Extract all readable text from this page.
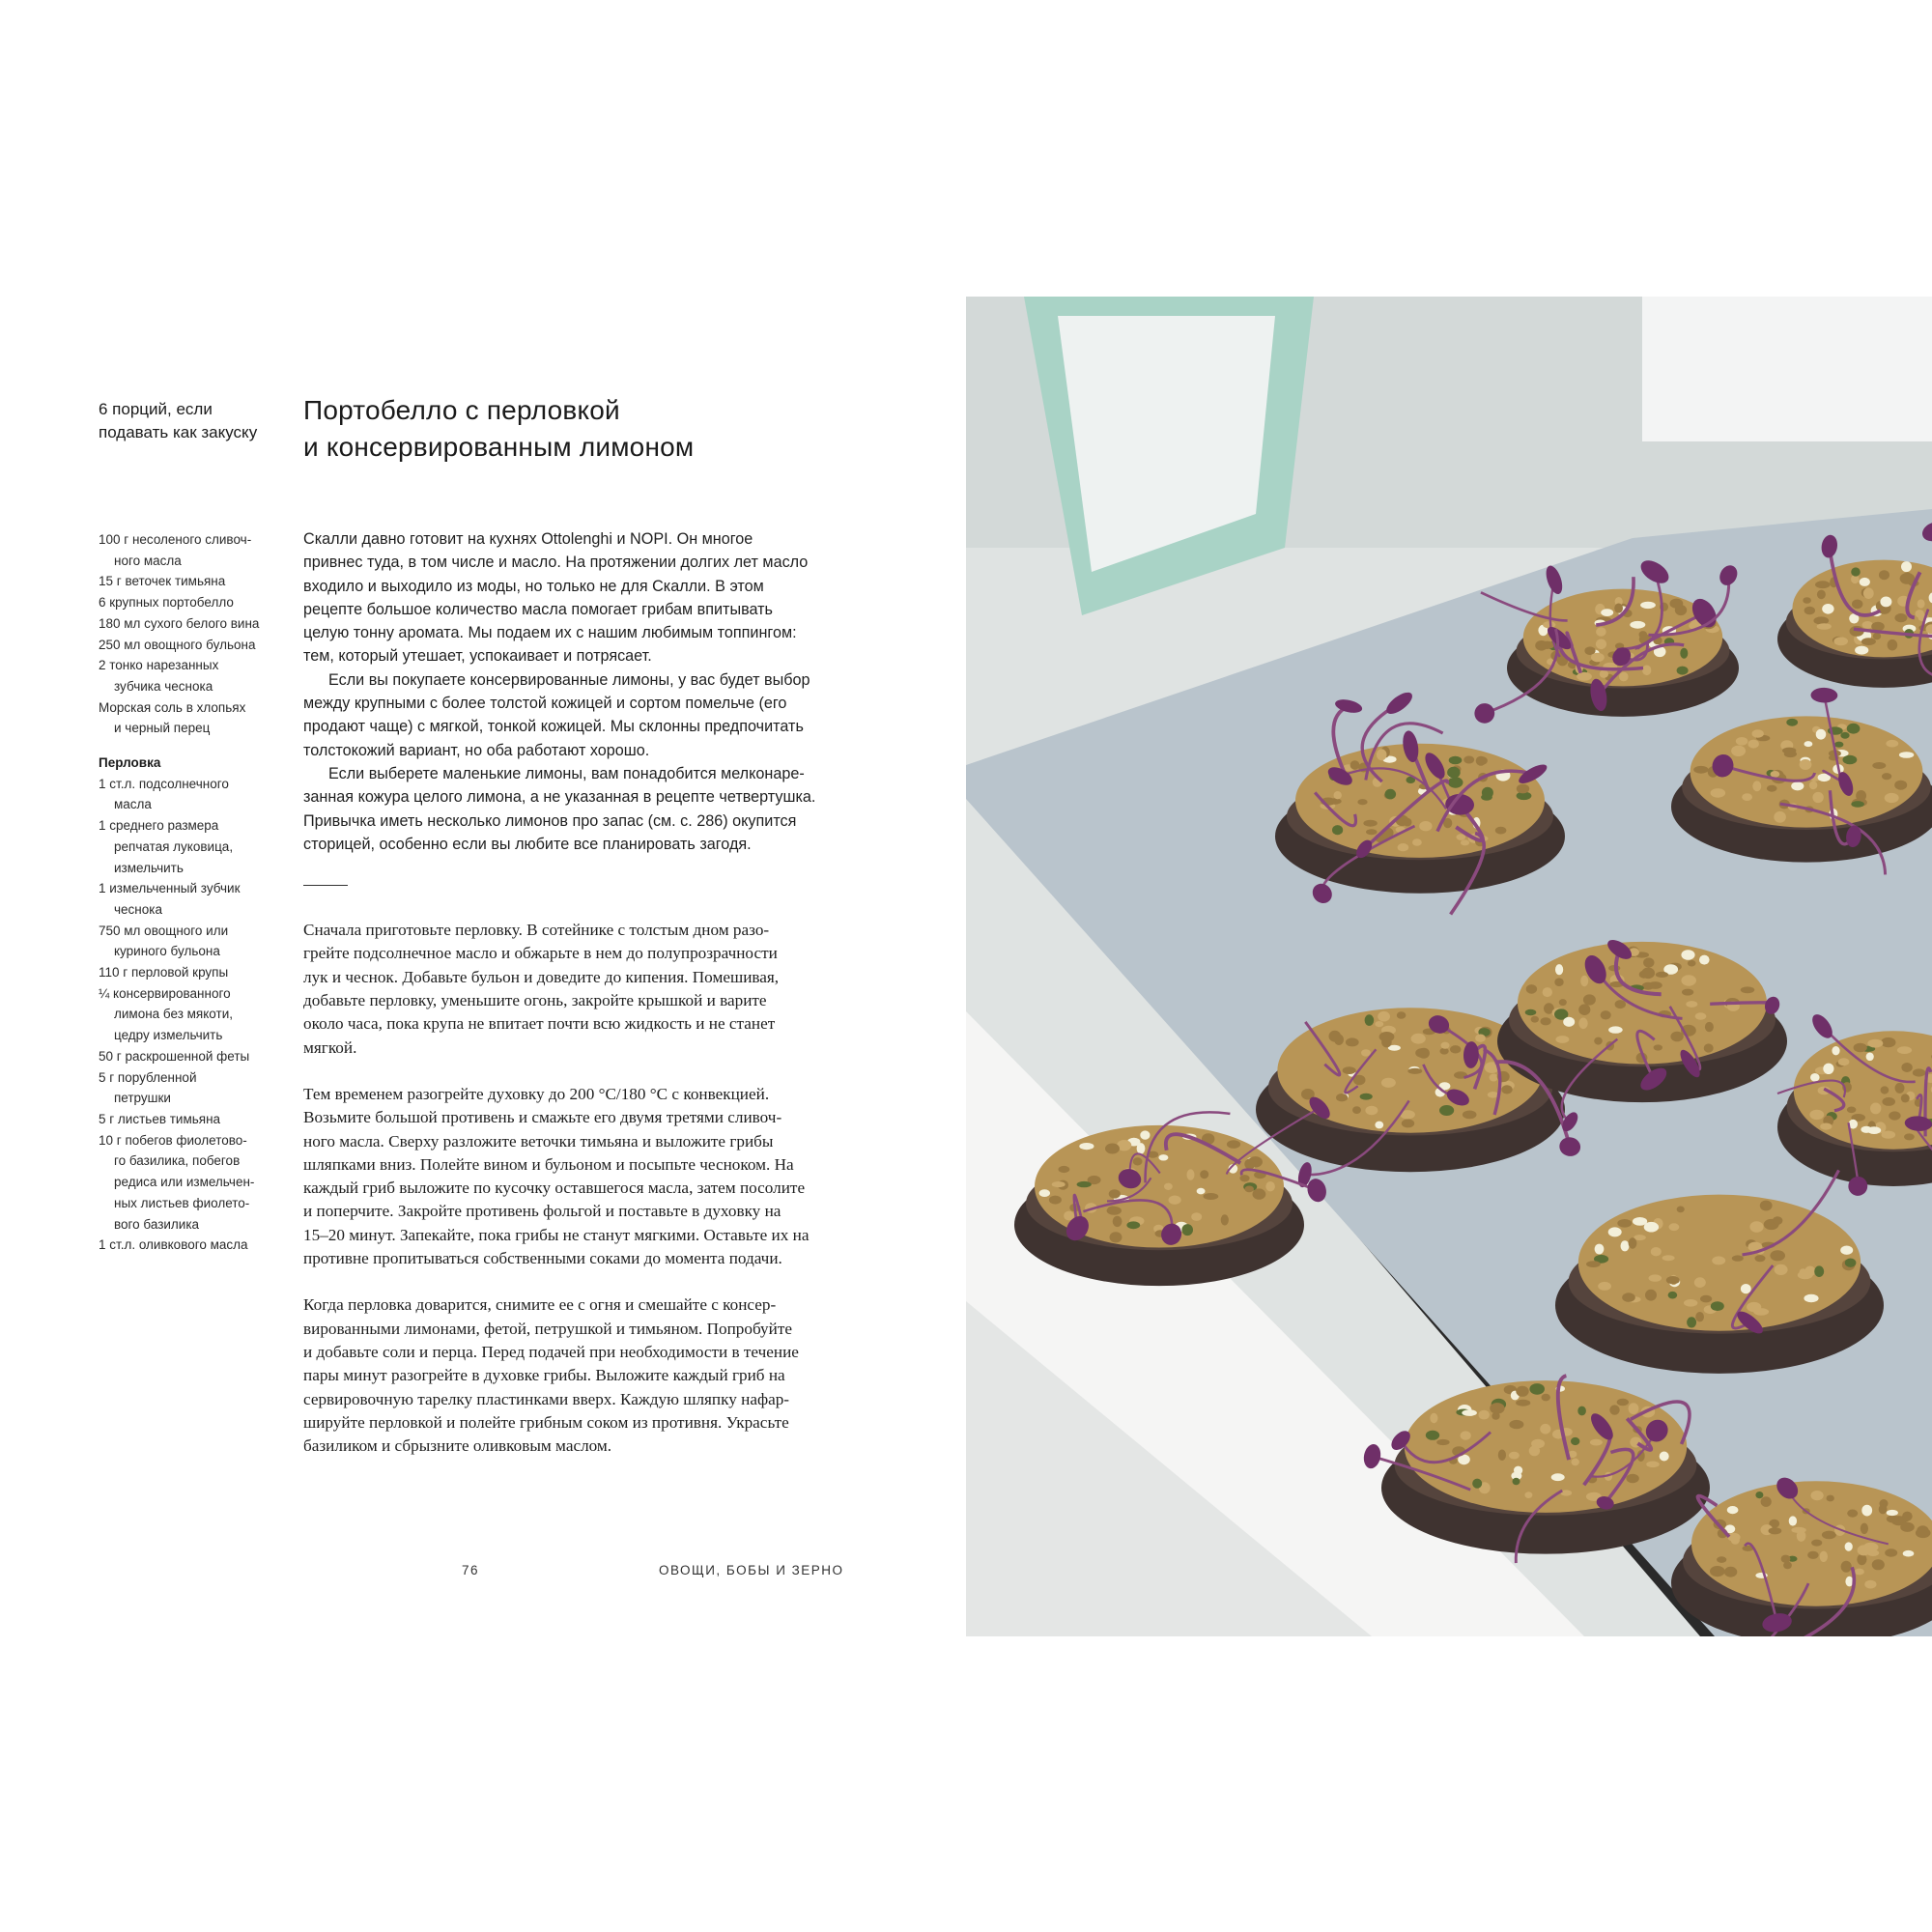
6 порций, если
подавать как закуску
Портобелло с перловкой
и консервированным лимоном

100 г несоленого сливоч-
ного масла

15 г веточек тимьяна

6 крупных портобелло

180 мл сухого белого вина

250 мл овощного бульона

2 тонко нарезанных
зубчика чеснока

Морская соль в хлопьях
и черный перец

Перловка

1 ст.л. подсолнечного
масла

1 среднего размера
репчатая луковица,
измельчить

1 измельченный зубчик
чеснока

750 мл овощного или
куриного бульона

110 г перловой крупы

¼ консервированного
лимона без мякоти,
цедру измельчить

50 г раскрошенной феты

5 г порубленной
петрушки

5 г листьев тимьяна

10 г побегов фиолетово-
го базилика, побегов
редиса или измельчен-
ных листьев фиолето-
вого базилика

1 ст.л. оливкового масла

Скалли давно готовит на кухнях Ottolenghi и NOPI. Он многое
привнес туда, в том числе и масло. На протяжении долгих лет масло
входило и выходило из моды, но только не для Скалли. В этом
рецепте большое количество масла помогает грибам впитывать
целую тонну аромата. Мы подаем их с нашим любимым топпингом:
тем, который утешает, успокаивает и потрясает.

Если вы покупаете консервированные лимоны, у вас будет выбор
между крупными с более толстой кожицей и сортом помельче (его
продают чаще) с мягкой, тонкой кожицей. Мы склонны предпочитать
толстокожий вариант, но оба работают хорошо.

Если выберете маленькие лимоны, вам понадобится мелконаре-
занная кожура целого лимона, а не указанная в рецепте четвертушка.
Привычка иметь несколько лимонов про запас (см. с. 286) окупится
сторицей, особенно если вы любите все планировать загодя.

Сначала приготовьте перловку. В сотейнике с толстым дном разо-
грейте подсолнечное масло и обжарьте в нем до полупрозрачности
лук и чеснок. Добавьте бульон и доведите до кипения. Помешивая,
добавьте перловку, уменьшите огонь, закройте крышкой и варите
около часа, пока крупа не впитает почти всю жидкость и не станет
мягкой.

Тем временем разогрейте духовку до 200 °C/180 °C с конвекцией.
Возьмите большой противень и смажьте его двумя третями сливоч-
ного масла. Сверху разложите веточки тимьяна и выложите грибы
шляпками вниз. Полейте вином и бульоном и посыпьте чесноком. На
каждый гриб выложите по кусочку оставшегося масла, затем посолите
и поперчите. Закройте противень фольгой и поставьте в духовку на
15–20 минут. Запекайте, пока грибы не станут мягкими. Оставьте их на
противне пропитываться собственными соками до момента подачи.

Когда перловка доварится, снимите ее с огня и смешайте с консер-
вированными лимонами, фетой, петрушкой и тимьяном. Попробуйте
и добавьте соли и перца. Перед подачей при необходимости в течение
пары минут разогрейте в духовке грибы. Выложите каждый гриб на
сервировочную тарелку пластинками вверх. Каждую шляпку нафар-
шируйте перловкой и полейте грибным соком из противня. Украсьте
базиликом и сбрызните оливковым маслом.

76	ОВОЩИ, БОБЫ И ЗЕРНО
